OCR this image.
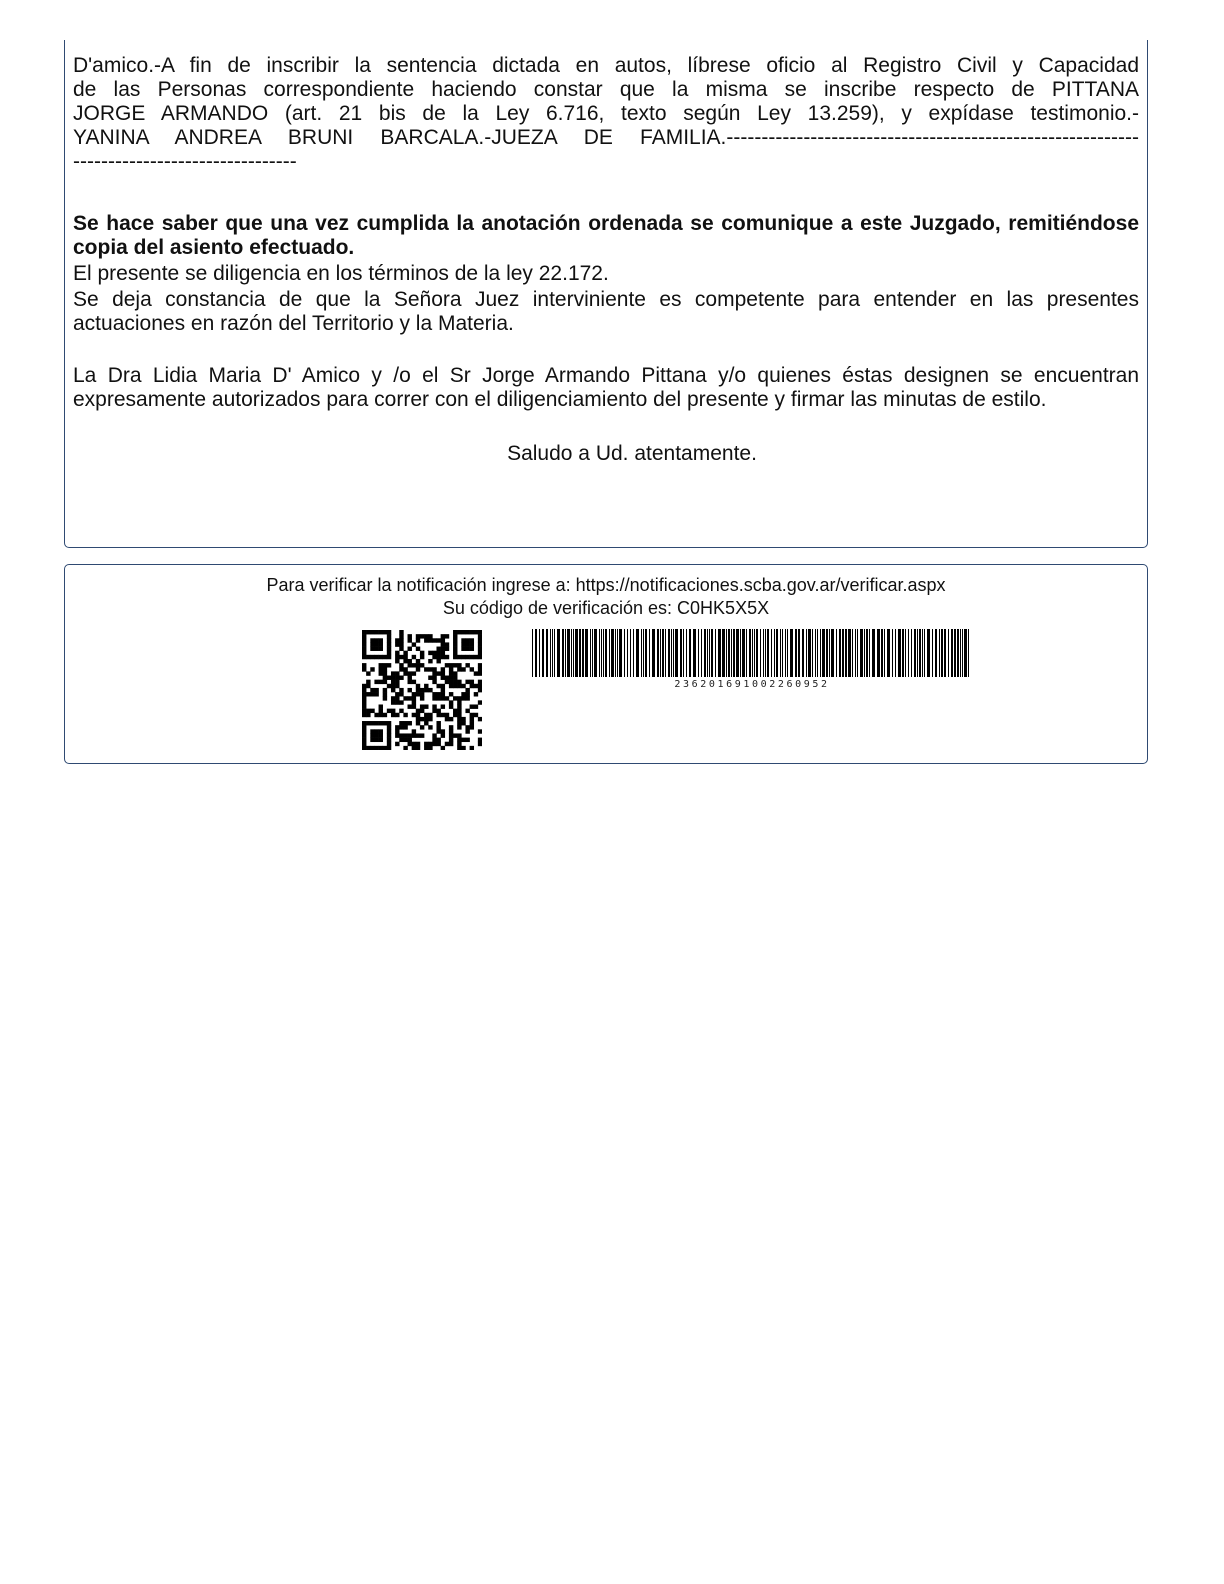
D'amico.-A fin de inscribir la sentencia dictada en autos, líbrese oficio al Registro Civil y Capacidad

de las Personas correspondiente haciendo constar que la misma se inscribe respecto de PITTANA

JORGE ARMANDO (art. 21 bis de la Ley 6.716, texto según Ley 13.259), y expídase testimonio.-

YANINA ANDREA BRUNI BARCALA.-JUEZA DE FAMILIA.-----------------------------------------------------------

--------------------------------

Se hace saber que una vez cumplida la anotación ordenada se comunique a este Juzgado, remitiéndose copia del asiento efectuado.

El presente se diligencia en los términos de la ley 22.172.

Se deja constancia de que la Señora Juez interviniente es competente para entender en las presentes actuaciones en razón del Territorio y la Materia.

La Dra Lidia Maria D' Amico y /o el Sr Jorge Armando Pittana y/o quienes éstas designen se encuentran expresamente autorizados para correr con el diligenciamiento del presente y firmar las minutas de estilo.

Saludo a Ud. atentamente.

Para verificar la notificación ingrese a: https://notificaciones.scba.gov.ar/verificar.aspx

Su código de verificación es: C0HK5X5X

236201691002260952
